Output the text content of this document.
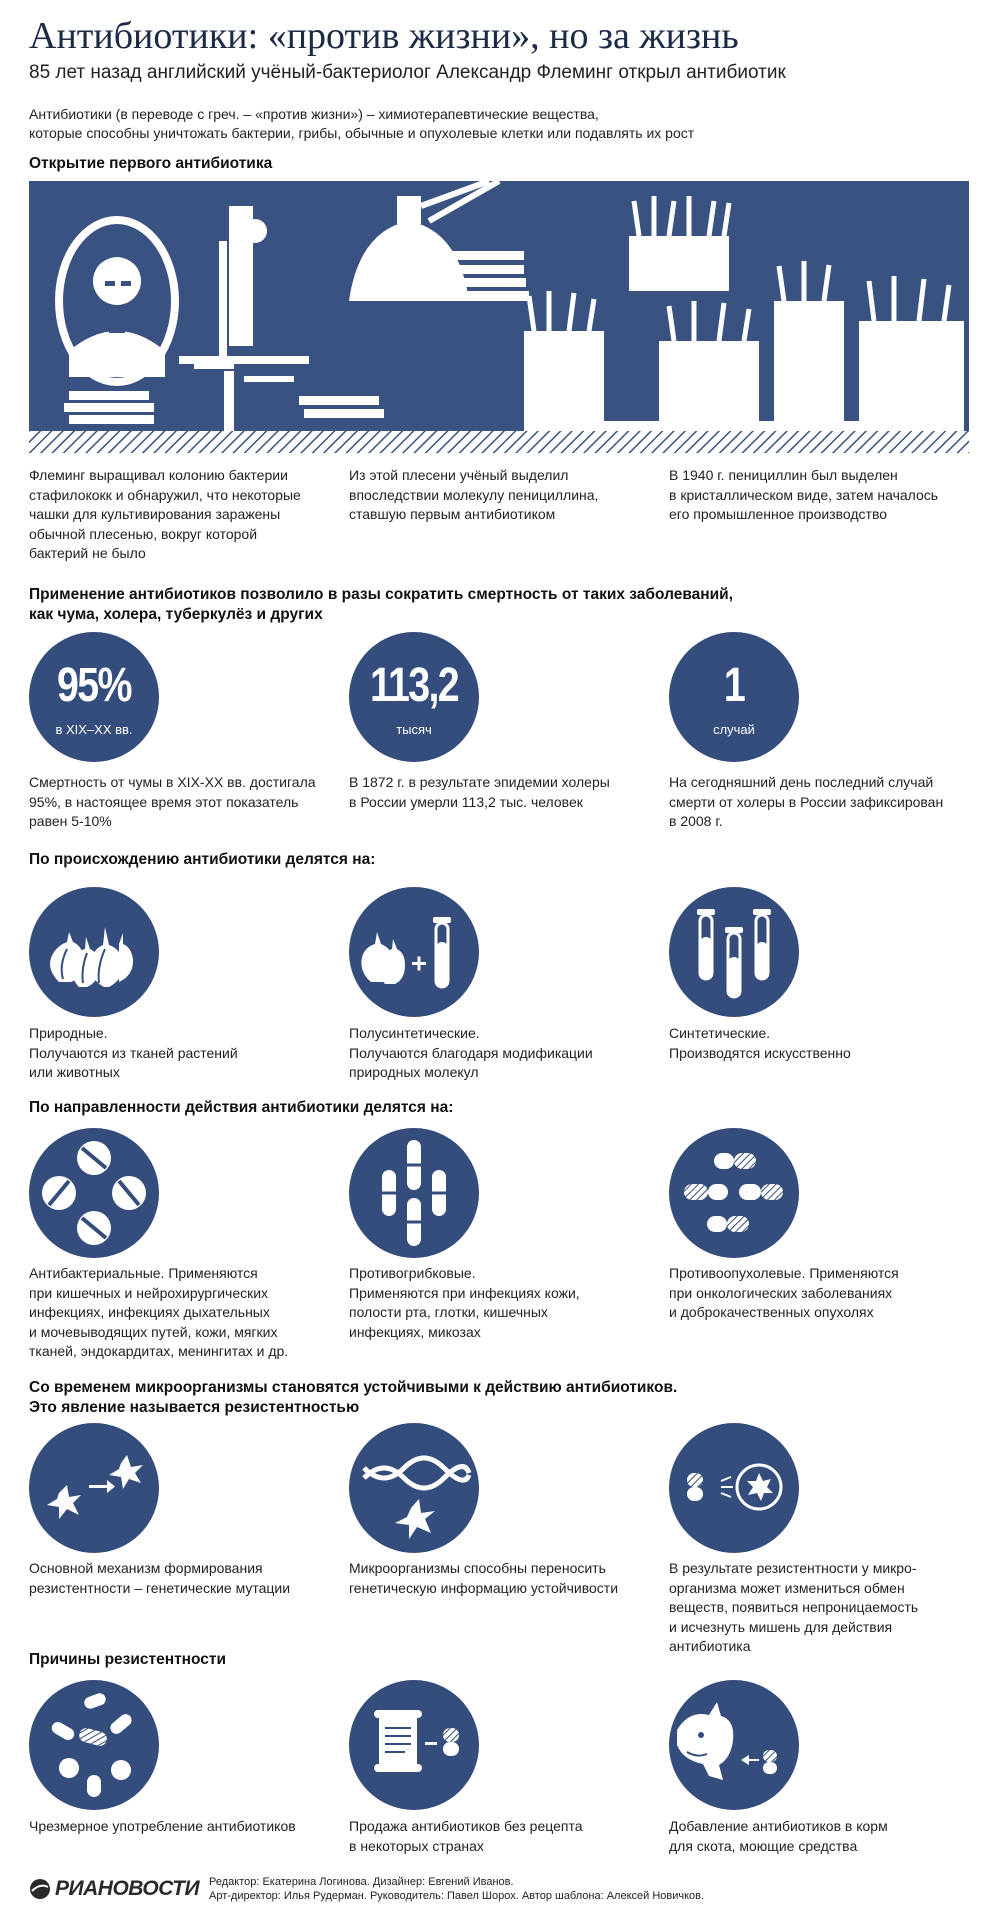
Антибиотики: «против жизни», но за жизнь
85 лет назад английский учёный-бактериолог Александр Флеминг открыл антибиотик
Антибиотики (в переводе с греч. – «против жизни») – химиотерапевтические вещества,
которые способны уничтожать бактерии, грибы, обычные и опухолевые клетки или подавлять их рост
Открытие первого антибиотика
Флеминг выращивал колонию бактерии
стафилококк и обнаружил, что некоторые
чашки для культивирования заражены
обычной плесенью, вокруг которой
бактерий не было
Из этой плесени учёный выделил
впоследствии молекулу пенициллина,
ставшую первым антибиотиком
В 1940 г. пенициллин был выделен
в кристаллическом виде, затем началось
его промышленное производство
Применение антибиотиков позволило в разы сократить смертность от таких заболеваний,
как чума, холера, туберкулёз и других
95%
в XIX–XX вв.
113,2
тысяч
1
случай
Смертность от чумы в XIX-XX вв. достигала
95%, в настоящее время этот показатель
равен 5-10%
В 1872 г. в результате эпидемии холеры
в России умерли 113,2 тыс. человек
На сегодняшний день последний случай
смерти от холеры в России зафиксирован
в 2008 г.
По происхождению антибиотики делятся на:
Природные.
Получаются из тканей растений
или животных
Полусинтетические.
Получаются благодаря модификации
природных молекул
Синтетические.
Производятся искусственно
По направленности действия антибиотики делятся на:
Антибактериальные. Применяются
при кишечных и нейрохирургических
инфекциях, инфекциях дыхательных
и мочевыводящих путей, кожи, мягких
тканей, эндокардитах, менингитах и др.
Противогрибковые.
Применяются при инфекциях кожи,
полости рта, глотки, кишечных
инфекциях, микозах
Противоопухолевые. Применяются
при онкологических заболеваниях
и доброкачественных опухолях
Со временем микроорганизмы становятся устойчивыми к действию антибиотиков.
Это явление называется резистентностью
Основной механизм формирования
резистентности – генетические мутации
Микроорганизмы способны переносить
генетическую информацию устойчивости
В результате резистентности у микро-
организма может измениться обмен
веществ, появиться непроницаемость
и исчезнуть мишень для действия
антибиотика
Причины резистентности
Чрезмерное употребление антибиотиков	Продажа антибиотиков без рецепта
в некоторых странах
Добавление антибиотиков в корм
для скота, моющие средства
РИАНОВОСТИ Редактор: Екатерина Логинова. Дизайнер: Евгений Иванов.
Арт-директор: Илья Рудерман. Руководитель: Павел Шорох. Автор шаблона: Алексей Новичков.
